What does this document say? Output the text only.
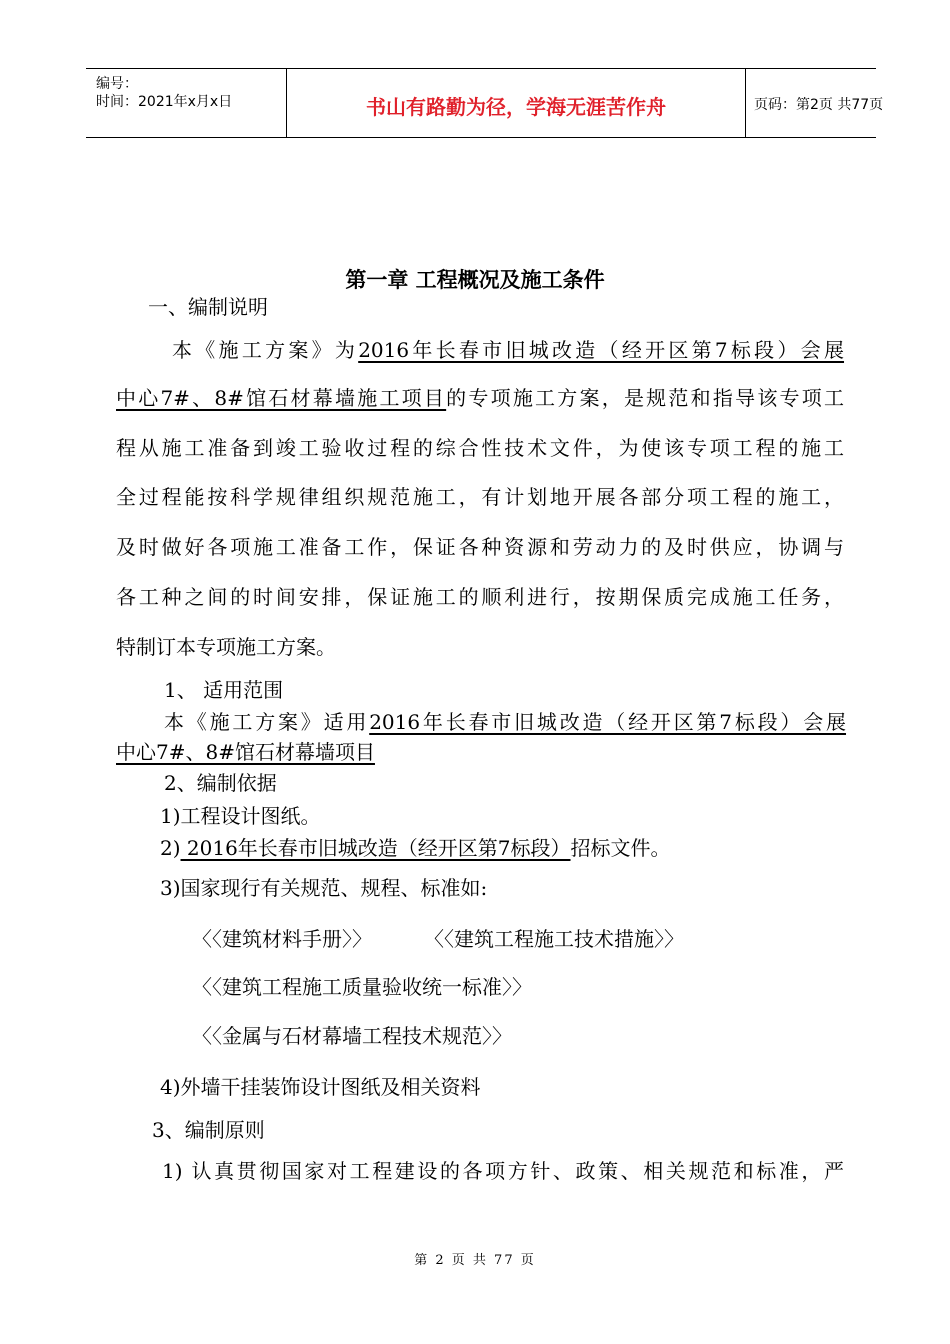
编号：
时间：2021年x月x日	书山有路勤为径，学海无涯苦作舟	页码：第2页 共77页
第一章 工程概况及施工条件
一、编制说明
本《施工方案》为2016年长春市旧城改造（经开区第7标段）会展
中心7#、8#馆石材幕墙施工项目的专项施工方案，是规范和指导该专项工
程从施工准备到竣工验收过程的综合性技术文件，为使该专项工程的施工
全过程能按科学规律组织规范施工，有计划地开展各部分项工程的施工，
及时做好各项施工准备工作，保证各种资源和劳动力的及时供应，协调与
各工种之间的时间安排，保证施工的顺利进行，按期保质完成施工任务，
特制订本专项施工方案。
1、 适用范围
本《施工方案》适用2016年长春市旧城改造（经开区第7标段）会展
中心7#、8#馆石材幕墙项目
2、编制依据
1)工程设计图纸。
2) 2016年长春市旧城改造（经开区第7标段）招标文件。
3)国家现行有关规范、规程、标准如:
〈〈建筑材料手册〉〉	〈〈建筑工程施工技术措施〉〉
〈〈建筑工程施工质量验收统一标准〉〉
〈〈金属与石材幕墙工程技术规范〉〉
4)外墙干挂装饰设计图纸及相关资料
3、编制原则
1) 认真贯彻国家对工程建设的各项方针、政策、相关规范和标准，严
第 2 页 共 77 页
